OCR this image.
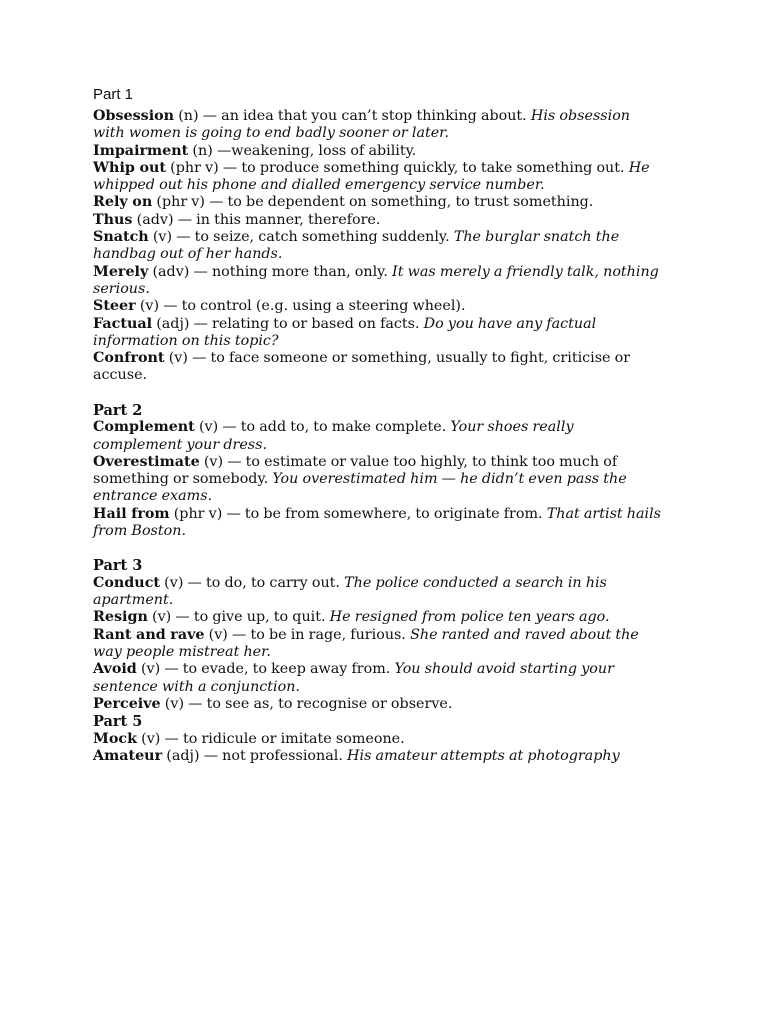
Part 1

Obsession (n) — an idea that you can’t stop thinking about. His obsession with women is going to end badly sooner or later.

Impairment (n) —weakening, loss of ability.

Whip out (phr v) — to produce something quickly, to take something out. He whipped out his phone and dialled emergency service number.

Rely on (phr v) — to be dependent on something, to trust something.

Thus (adv) — in this manner, therefore.

Snatch (v) — to seize, catch something suddenly. The burglar snatch the handbag out of her hands.

Merely (adv) — nothing more than, only. It was merely a friendly talk, nothing serious.

Steer (v) — to control (e.g. using a steering wheel).

Factual (adj) — relating to or based on facts. Do you have any factual information on this topic?

Confront (v) — to face someone or something, usually to fight, criticise or accuse.

Part 2

Complement (v) — to add to, to make complete. Your shoes really complement your dress.

Overestimate (v) — to estimate or value too highly, to think too much of something or somebody. You overestimated him — he didn’t even pass the entrance exams.

Hail from (phr v) — to be from somewhere, to originate from. That artist hails from Boston.

Part 3

Conduct (v) — to do, to carry out. The police conducted a search in his apartment.

Resign (v) — to give up, to quit. He resigned from police ten years ago.

Rant and rave (v) — to be in rage, furious. She ranted and raved about the way people mistreat her.

Avoid (v) — to evade, to keep away from. You should avoid starting your sentence with a conjunction.

Perceive (v) — to see as, to recognise or observe.

Part 5

Mock (v) — to ridicule or imitate someone.

Amateur (adj) — not professional. His amateur attempts at photography
